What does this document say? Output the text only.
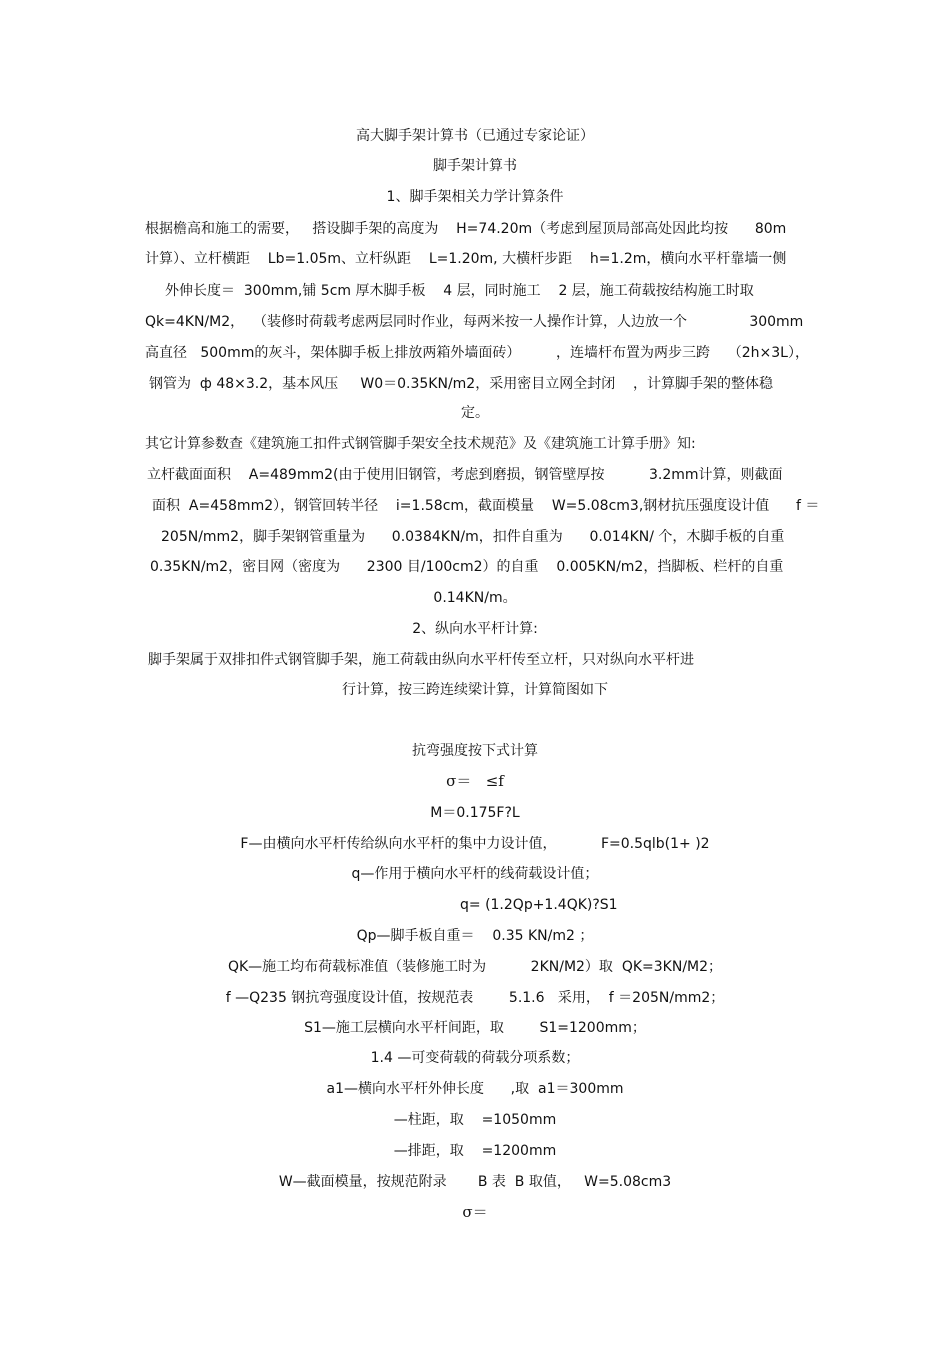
高大脚手架计算书（已通过专家论证）
脚手架计算书
1、脚手架相关力学计算条件
根据檐高和施工的需要，   搭设脚手架的高度为    H=74.20m（考虑到屋顶局部高处因此均按      80m
计算）、立杆横距    Lb=1.05m、立杆纵距    L=1.20m, 大横杆步距    h=1.2m，横向水平杆靠墙一侧
外伸长度＝  300mm,铺 5cm 厚木脚手板    4 层，同时施工    2 层，施工荷载按结构施工时取
Qk=4KN/M2，  （装修时荷载考虑两层同时作业，每两米按一人操作计算，人边放一个              300mm
高直径   500mm的灰斗，架体脚手板上排放两箱外墙面砖）        ，连墙杆布置为两步三跨    （2h×3L），
钢管为  ф 48×3.2，基本风压     W0＝0.35KN/m2，采用密目立网全封闭    ，计算脚手架的整体稳
定。
其它计算参数查《建筑施工扣件式钢管脚手架安全技术规范》及《建筑施工计算手册》知:
立杆截面面积    A=489mm2(由于使用旧钢管，考虑到磨损，钢管壁厚按          3.2mm计算，则截面
面积  A=458mm2），钢管回转半径    i=1.58cm，截面模量    W=5.08cm3,钢材抗压强度设计值      f ＝
205N/mm2，脚手架钢管重量为      0.0384KN/m，扣件自重为      0.014KN/ 个，木脚手板的自重
0.35KN/m2，密目网（密度为      2300 目/100cm2）的自重    0.005KN/m2，挡脚板、栏杆的自重
0.14KN/m。
2、纵向水平杆计算:
脚手架属于双排扣件式钢管脚手架，施工荷载由纵向水平杆传至立杆，只对纵向水平杆进
行计算，按三跨连续梁计算，计算简图如下
抗弯强度按下式计算
σ＝   ≤f
M＝0.175F?L
F—由横向水平杆传给纵向水平杆的集中力设计值，          F=0.5qlb(1+ )2
q—作用于横向水平杆的线荷载设计值；
q= (1.2Qp+1.4QK)?S1
Qp—脚手板自重＝    0.35 KN/m2 ；
QK—施工均布荷载标准值（装修施工时为          2KN/M2）取  QK=3KN/M2；
f —Q235 钢抗弯强度设计值，按规范表        5.1.6   采用，  f ＝205N/mm2；
S1—施工层横向水平杆间距，取        S1=1200mm；
1.4 —可变荷载的荷载分项系数；
a1—横向水平杆外伸长度      ,取  a1＝300mm
—柱距，取    =1050mm
—排距，取    =1200mm
W—截面模量，按规范附录       B 表  B 取值，   W=5.08cm3
σ＝
